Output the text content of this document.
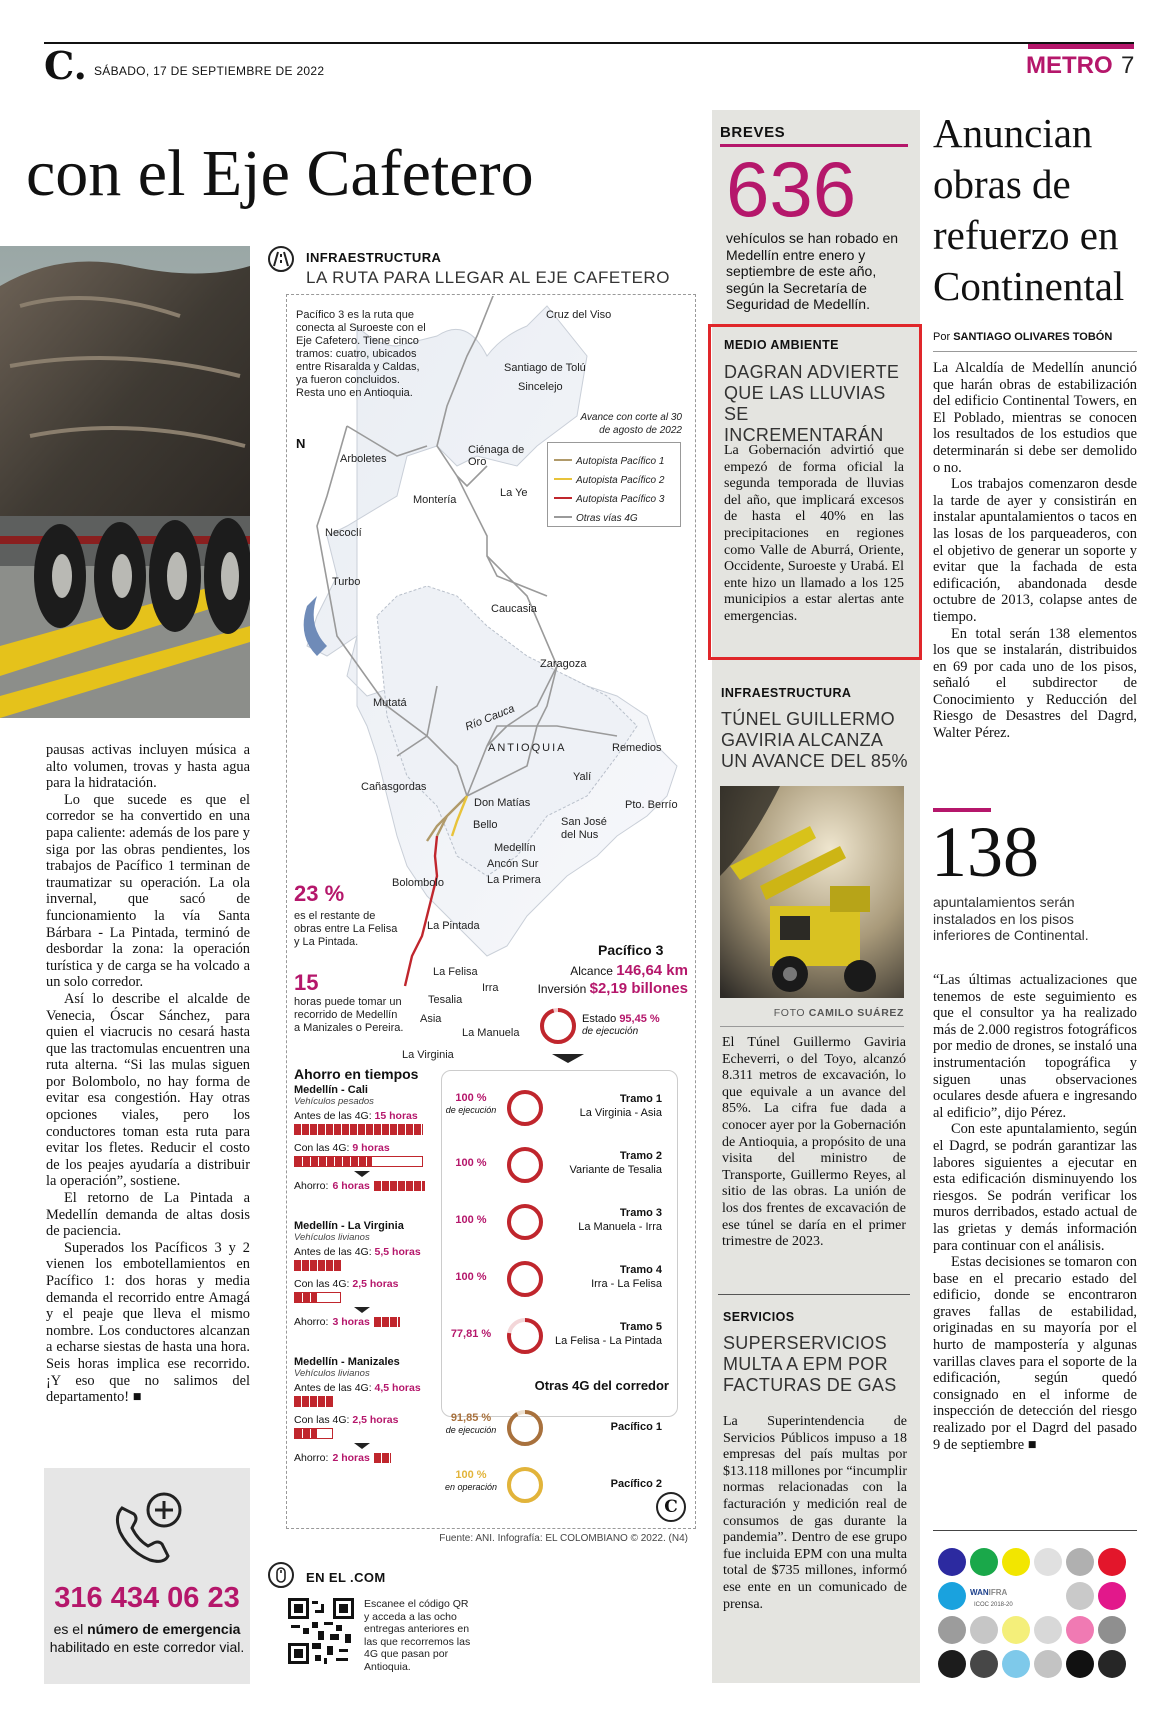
C. SÁBADO, 17 DE SEPTIEMBRE DE 2022	METRO 7
con el Eje Cafetero

pausas activas incluyen música a alto volumen, trovas y hasta agua para la hidratación.

Lo que sucede es que el corredor se ha convertido en una papa caliente: además de los pare y siga por las obras pendientes, los trabajos de Pacífico 1 terminan de traumatizar su operación. La ola invernal, que sacó de funcionamiento la vía Santa Bárbara - La Pintada, terminó de desbordar la zona: la operación turística y de carga se ha volcado a un solo corredor.

Así lo describe el alcalde de Venecia, Óscar Sánchez, para quien el viacrucis no cesará hasta que las tractomulas encuentren una ruta alterna. “Si las mulas siguen por Bolombolo, no hay forma de evitar esa congestión. Hay otras opciones viales, pero los conductores toman esta ruta para evitar los fletes. Reducir el costo de los peajes ayudaría a distribuir la operación”, sostiene.

El retorno de La Pintada a Medellín demanda de altas dosis de paciencia.

Superados los Pacíficos 3 y 2 vienen los embotellamientos en Pacífico 1: dos horas y media demanda el recorrido entre Amagá y el peaje que lleva el mismo nombre. Los conductores alcanzan a echarse siestas de hasta una hora. Seis horas implica ese recorrido. ¡Y eso que no salimos del departamento! ■

316 434 06 23
es el número de emergencia habilitado en este corredor vial.
INFRAESTRUCTURA
LA RUTA PARA LLEGAR AL EJE CAFETERO
Pacífico 3 es la ruta que conecta al Suroeste con el Eje Cafetero. Tiene cinco tramos: cuatro, ubicados entre Risaralda y Caldas, ya fueron concluidos. Resta uno en Antioquia.
Avance con corte al 30 de agosto de 2022
N
Autopista Pacífico 1
Autopista Pacífico 2
Autopista Pacífico 3
Otras vías 4G
Cruz del Viso
Santiago de Tolú
Sincelejo
Arboletes
Ciénaga de Oro
Montería
La Ye
Necoclí
Turbo
Caucasia
Zaragoza
Mutatá	Río Cauca
ANTIOQUIA	Remedios
Cañasgordas
Yalí
Don Matías	Pto. Berrío
Bello	San José del Nus
Medellín
Ancón Sur
La Primera
Bolombolo
La Pintada
La Felisa
Irra
Tesalia
Asia
La Manuela
La Virginia
23 %
es el restante de obras entre La Felisa y La Pintada.
15
horas puede tomar un recorrido de Medellín a Manizales o Pereira.
Pacífico 3
Alcance 146,64 km
Inversión $2,19 billones
Estado 95,45 %
de ejecución
Ahorro en tiempos
Medellín - Cali
Vehículos pesados
Antes de las 4G: 15 horas
Con las 4G: 9 horas
Ahorro: 6 horas
Medellín - La Virginia
Vehículos livianos
Antes de las 4G: 5,5 horas
Con las 4G: 2,5 horas
Ahorro: 3 horas
Medellín - Manizales
Vehículos livianos
Antes de las 4G: 4,5 horas
Con las 4G: 2,5 horas
Ahorro: 2 horas
100 %
de ejecución
Tramo 1
La Virginia - Asia
100 %
Tramo 2
Variante de Tesalia
100 %
Tramo 3
La Manuela - Irra
100 %
Tramo 4
Irra - La Felisa
77,81 %
Tramo 5
La Felisa - La Pintada
Otras 4G del corredor
91,85 %
de ejecución	Pacífico 1
100 %
en operación	Pacífico 2
C
Fuente: ANI. Infografía: EL COLOMBIANO © 2022. (N4)
EN EL .COM
Escanee el código QR y acceda a las ocho entregas anteriores en las que recorremos las 4G que pasan por Antioquia.
BREVES
636
vehículos se han robado en Medellín entre enero y septiembre de este año, según la Secretaría de Seguridad de Medellín.
MEDIO AMBIENTE
DAGRAN ADVIERTE QUE LAS LLUVIAS SE INCREMENTARÁN
La Gobernación advirtió que empezó de forma oficial la segunda temporada de lluvias del año, que implicará excesos de hasta el 40% en las precipitaciones en regiones como Valle de Aburrá, Oriente, Occidente, Suroeste y Urabá. El ente hizo un llamado a los 125 municipios a estar alertas ante emergencias.
INFRAESTRUCTURA
TÚNEL GUILLERMO GAVIRIA ALCANZA UN AVANCE DEL 85%
FOTO CAMILO SUÁREZ
El Túnel Guillermo Gaviria Echeverri, o del Toyo, alcanzó 8.311 metros de excavación, lo que equivale a un avance del 85%. La cifra fue dada a conocer ayer por la Gobernación de Antioquia, a propósito de una visita del ministro de Transporte, Guillermo Reyes, al sitio de las obras. La unión de los dos frentes de excavación de ese túnel se daría en el primer trimestre de 2023.
SERVICIOS
SUPERSERVICIOS MULTA A EPM POR FACTURAS DE GAS
La Superintendencia de Servicios Públicos impuso a 18 empresas del país multas por $13.118 millones por “incumplir normas relacionadas con la facturación y medición real de consumos de gas durante la pandemia”. Dentro de ese grupo fue incluida EPM con una multa total de $735 millones, informó ese ente en un comunicado de prensa.
Anuncian obras de refuerzo en Continental
Por SANTIAGO OLIVARES TOBÓN

La Alcaldía de Medellín anunció que harán obras de estabilización del edificio Continental Towers, en El Poblado, mientras se conocen los resultados de los estudios que determinarán si debe ser demolido o no.

Los trabajos comenzaron desde la tarde de ayer y consistirán en instalar apuntalamientos o tacos en las losas de los parqueaderos, con el objetivo de generar un soporte y evitar que la fachada de esta edificación, abandonada desde octubre de 2013, colapse antes de tiempo.

En total serán 138 elementos los que se instalarán, distribuidos en 69 por cada uno de los pisos, señaló el subdirector de Conocimiento y Reducción del Riesgo de Desastres del Dagrd, Walter Pérez.

138
apuntalamientos serán instalados en los pisos inferiores de Continental.

“Las últimas actualizaciones que tenemos de este seguimiento es que el consultor ya ha realizado más de 2.000 registros fotográficos por medio de drones, se instaló una instrumentación topográfica y siguen unas observaciones oculares desde afuera e ingresando al edificio”, dijo Pérez.

Con este apuntalamiento, según el Dagrd, se podrán garantizar las labores siguientes a ejecutar en esta edificación disminuyendo los riesgos. Se podrán verificar los muros derribados, estado actual de las grietas y demás información para continuar con el análisis.

Estas decisiones se tomaron con base en el precario estado del edificio, donde se encontraron graves fallas de estabilidad, originadas en su mayoría por el hurto de mampostería y algunas varillas claves para el soporte de la edificación, según quedó consignado en el informe de inspección de detección del riesgo realizado por el Dagrd del pasado 9 de septiembre ■

WANIFRA
ICOC 2018-20
